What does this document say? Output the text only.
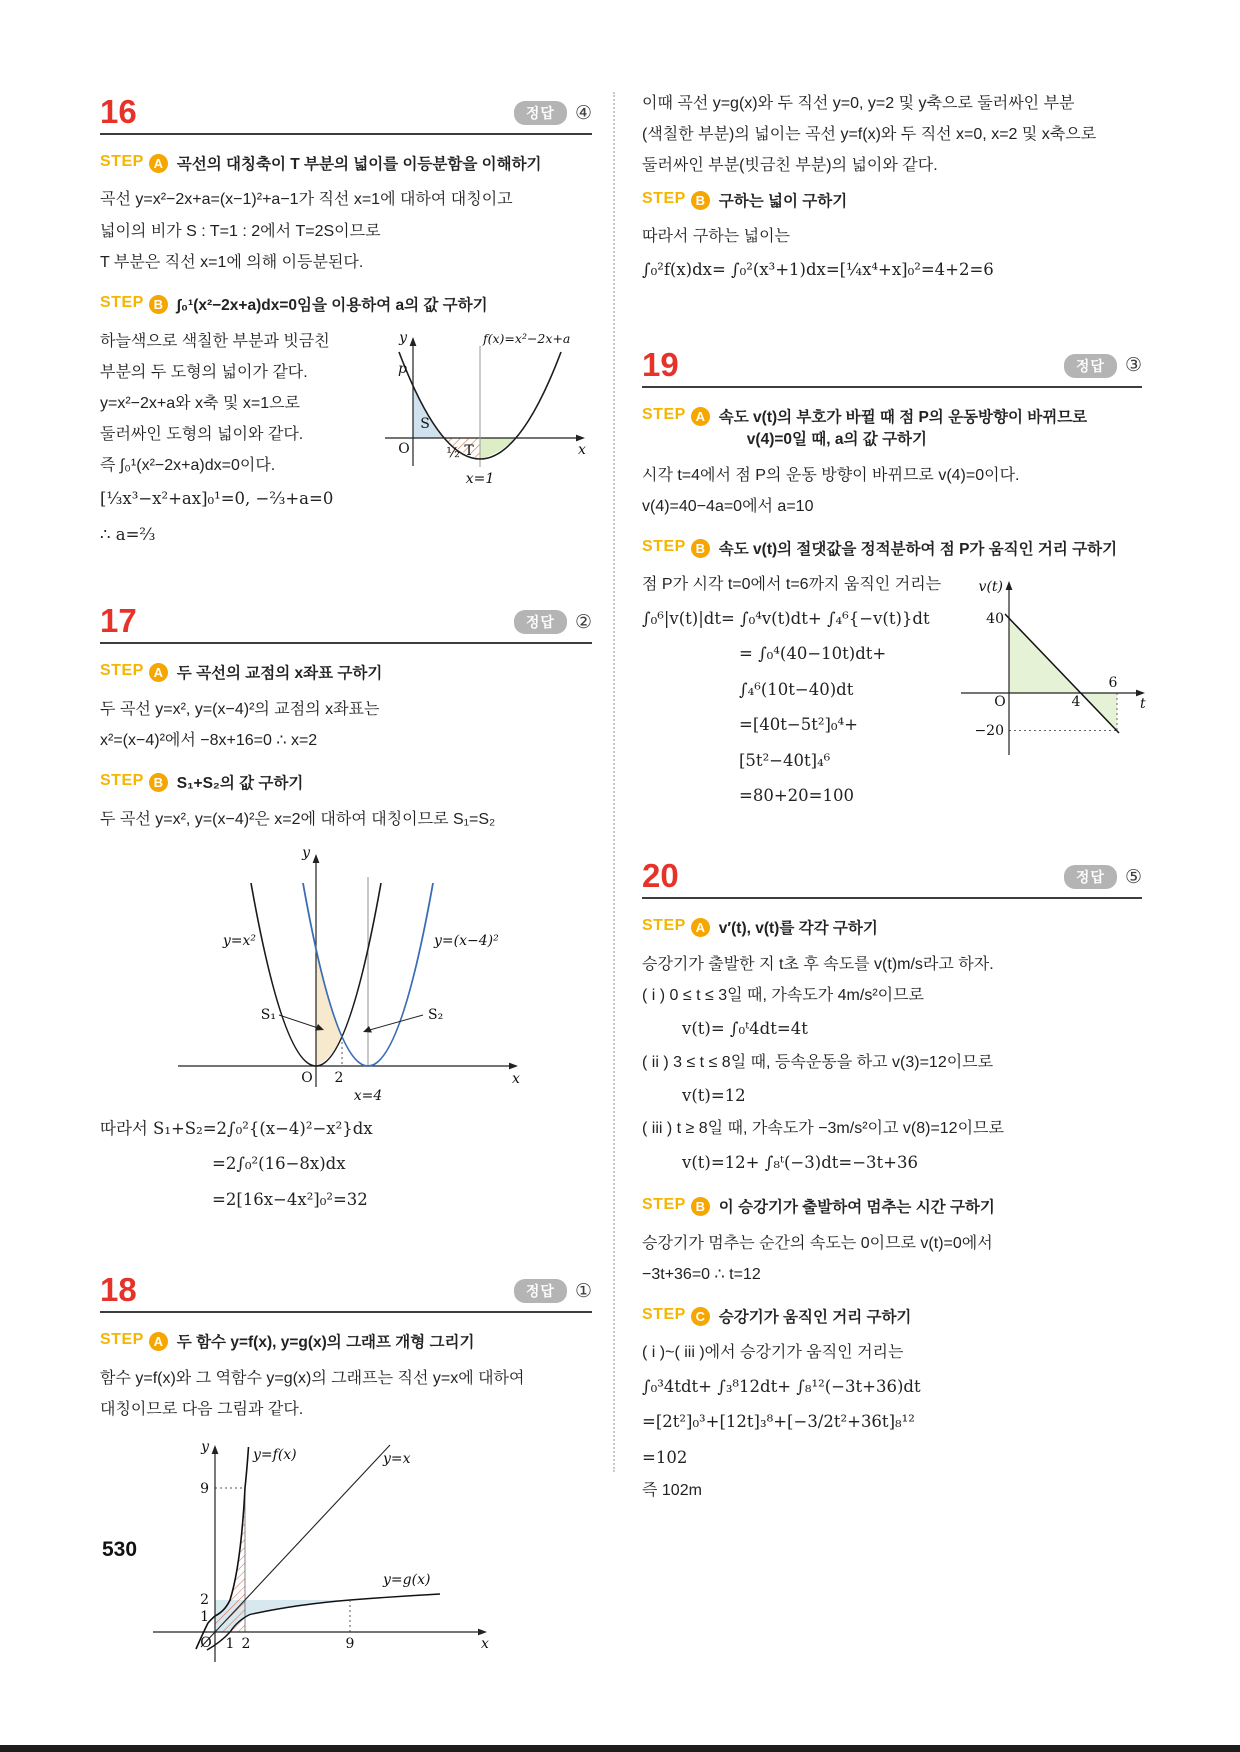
16	정답	④
STEP A 곡선의 대칭축이 T 부분의 넓이를 이등분함을 이해하기
곡선 y=x²−2x+a=(x−1)²+a−1가 직선 x=1에 대하여 대칭이고
넓이의 비가 S : T=1 : 2에서 T=2S이므로
T 부분은 직선 x=1에 의해 이등분된다.
STEP B ∫₀¹(x²−2x+a)dx=0임을 이용하여 a의 값 구하기
하늘색으로 색칠한 부분과 빗금친
부분의 두 도형의 넓이가 같다.
y=x²−2x+a와 x축 및 x=1으로
둘러싸인 도형의 넓이와 같다.
즉 ∫₀¹(x²−2x+a)dx=0이다.
[⅓x³−x²+ax]₀¹=0, −⅔+a=0
∴ a=⅔
y
p
f(x)=x²−2x+a
S
O	½ T	x
x=1
17	정답	②
STEP A 두 곡선의 교점의 x좌표 구하기
두 곡선 y=x², y=(x−4)²의 교점의 x좌표는
x²=(x−4)²에서 −8x+16=0 ∴ x=2
STEP B S₁+S₂의 값 구하기
두 곡선 y=x², y=(x−4)²은 x=2에 대하여 대칭이므로 S₁=S₂
y
y=x²	y=(x−4)²
S₁	S₂
O 2
x=4
x
따라서 S₁+S₂=2∫₀²{(x−4)²−x²}dx
=2∫₀²(16−8x)dx
=2[16x−4x²]₀²=32
18	정답	①
STEP A 두 함수 y=f(x), y=g(x)의 그래프 개형 그리기
함수 y=f(x)와 그 역함수 y=g(x)의 그래프는 직선 y=x에 대하여
대칭이므로 다음 그림과 같다.
y	y=f(x)	y=x
y=g(x)
9
2
1
O 1 2	9	x
이때 곡선 y=g(x)와 두 직선 y=0, y=2 및 y축으로 둘러싸인 부분
(색칠한 부분)의 넓이는 곡선 y=f(x)와 두 직선 x=0, x=2 및 x축으로
둘러싸인 부분(빗금친 부분)의 넓이와 같다.
STEP B 구하는 넓이 구하기
따라서 구하는 넓이는
∫₀²f(x)dx= ∫₀²(x³+1)dx=[¼x⁴+x]₀²=4+2=6
19	정답	③
STEP A 속도 v(t)의 부호가 바뀔 때 점 P의 운동방향이 바뀌므로
v(4)=0일 때, a의 값 구하기
시각 t=4에서 점 P의 운동 방향이 바뀌므로 v(4)=0이다.
v(4)=40−4a=0에서 a=10
STEP B 속도 v(t)의 절댓값을 정적분하여 점 P가 움직인 거리 구하기
점 P가 시각 t=0에서 t=6까지 움직인 거리는
∫₀⁶|v(t)|dt= ∫₀⁴v(t)dt+ ∫₄⁶{−v(t)}dt
= ∫₀⁴(40−10t)dt+ ∫₄⁶(10t−40)dt
=[40t−5t²]₀⁴+[5t²−40t]₄⁶
=80+20=100
v(t)
40
6
O	4	t
−20
20	정답	⑤
STEP A v′(t), v(t)를 각각 구하기
승강기가 출발한 지 t초 후 속도를 v(t)m/s라고 하자.
( i ) 0 ≤ t ≤ 3일 때, 가속도가 4m/s²이므로
v(t)= ∫₀ᵗ4dt=4t
( ii ) 3 ≤ t ≤ 8일 때, 등속운동을 하고 v(3)=12이므로
v(t)=12
( iii ) t ≥ 8일 때, 가속도가 −3m/s²이고 v(8)=12이므로
v(t)=12+ ∫₈ᵗ(−3)dt=−3t+36
STEP B 이 승강기가 출발하여 멈추는 시간 구하기
승강기가 멈추는 순간의 속도는 0이므로 v(t)=0에서
−3t+36=0 ∴ t=12
STEP C 승강기가 움직인 거리 구하기
( i )~( iii )에서 승강기가 움직인 거리는
∫₀³4tdt+ ∫₃⁸12dt+ ∫₈¹²(−3t+36)dt
=[2t²]₀³+[12t]₃⁸+[−3/2t²+36t]₈¹²
=102
즉 102m
530
